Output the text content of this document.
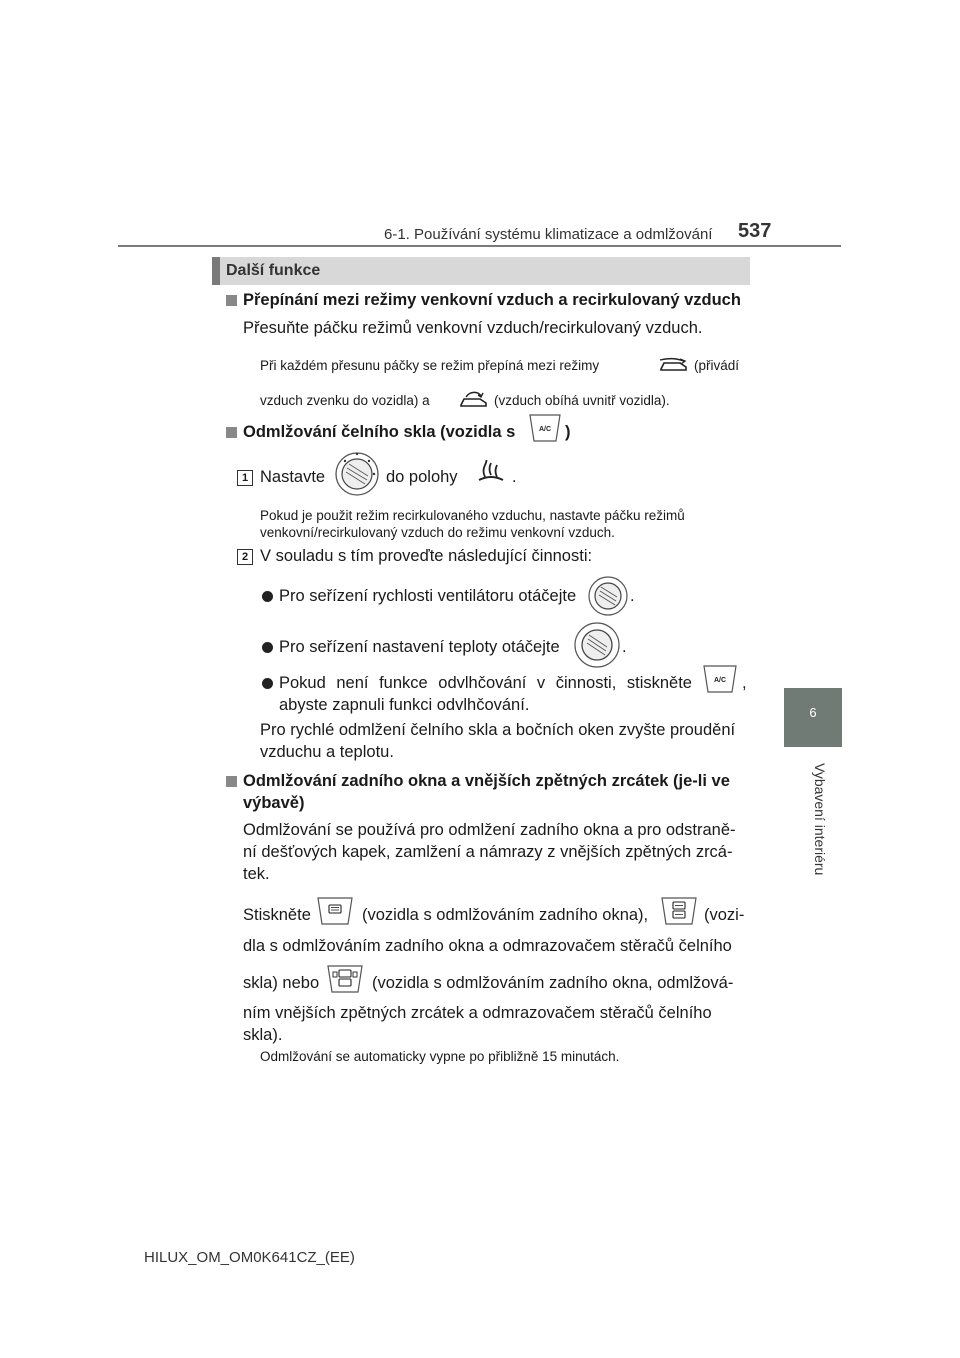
6-1. Používání systému klimatizace a odmlžování 537
6
Vybavení interiéru
Další funkce
Přepínání mezi režimy venkovní vzduch a recirkulovaný vzduch
Přesuňte páčku režimů venkovní vzduch/recirkulovaný vzduch.
Při každém přesunu páčky se režim přepíná mezi režimy	(přivádí
vzduch zvenku do vozidla) a	(vzduch obíhá uvnitř vozidla).
Odmlžování čelního skla (vozidla s	A/C )
1 Nastavte	do polohy	.
Pokud je použit režim recirkulovaného vzduchu, nastavte páčku režimů
venkovní/recirkulovaný vzduch do režimu venkovní vzduch.
2 V souladu s tím proveďte následující činnosti:
Pro seřízení rychlosti ventilátoru otáčejte	.
Pro seřízení nastavení teploty otáčejte	.
Pokud není funkce odvlhčování v činnosti, stiskněte	A/C ,
abyste zapnuli funkci odvlhčování.
Pro rychlé odmlžení čelního skla a bočních oken zvyšte proudění
vzduchu a teplotu.
Odmlžování zadního okna a vnějších zpětných zrcátek (je-li ve
výbavě)
Odmlžování se používá pro odmlžení zadního okna a pro odstraně-
ní dešťových kapek, zamlžení a námrazy z vnějších zpětných zrcá-
tek.
Stiskněte	(vozidla s odmlžováním zadního okna),	(vozi-
dla s odmlžováním zadního okna a odmrazovačem stěračů čelního
skla) nebo	(vozidla s odmlžováním zadního okna, odmlžová-
ním vnějších zpětných zrcátek a odmrazovačem stěračů čelního
skla).
Odmlžování se automaticky vypne po přibližně 15 minutách.
HILUX_OM_OM0K641CZ_(EE)
